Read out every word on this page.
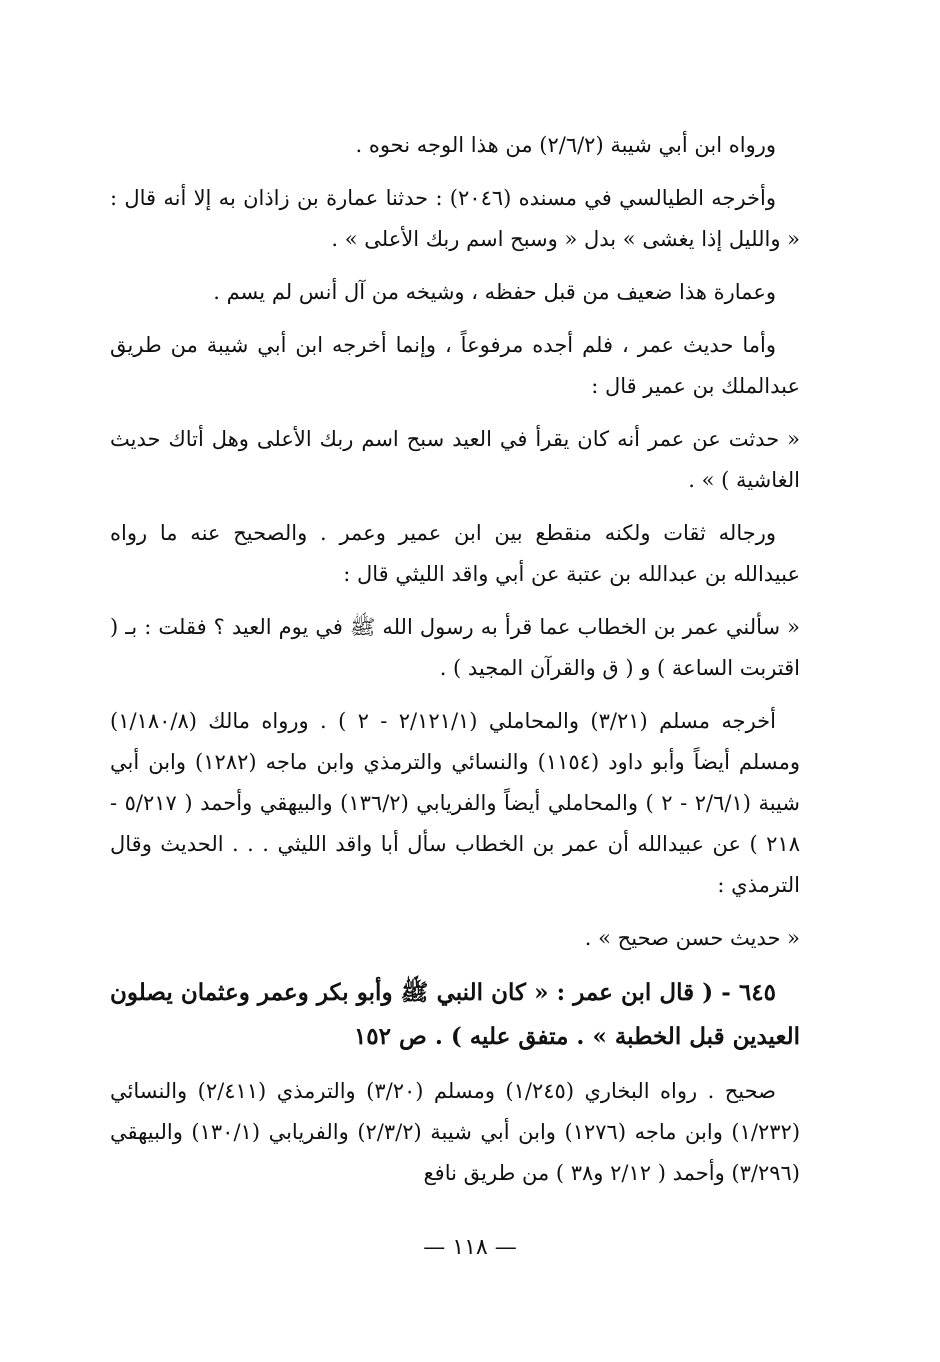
ورواه ابن أبي شيبة (٢/٦/٢) من هذا الوجه نحوه .

وأخرجه الطيالسي في مسنده (٢٠٤٦) : حدثنا عمارة بن زاذان به إلا أنه قال : « والليل إذا يغشى » بدل « وسبح اسم ربك الأعلى » .

وعمارة هذا ضعيف من قبل حفظه ، وشيخه من آل أنس لم يسم .

وأما حديث عمر ، فلم أجده مرفوعاً ، وإنما أخرجه ابن أبي شيبة من طريق عبدالملك بن عمير قال :

« حدثت عن عمر أنه كان يقرأ في العيد سبح اسم ربك الأعلى وهل أتاك حديث الغاشية ) » .

ورجاله ثقات ولكنه منقطع بين ابن عمير وعمر . والصحيح عنه ما رواه عبيدالله بن عبدالله بن عتبة عن أبي واقد الليثي قال :

« سألني عمر بن الخطاب عما قرأ به رسول الله ﷺ في يوم العيد ؟ فقلت : بـ ( اقتربت الساعة ) و ( ق والقرآن المجيد ) .

أخرجه مسلم (٣/٢١) والمحاملي (٢/١٢١/١ - ٢ ) . ورواه مالك (١/١٨٠/٨) ومسلم أيضاً وأبو داود (١١٥٤) والنسائي والترمذي وابن ماجه (١٢٨٢) وابن أبي شيبة (٢/٦/١ - ٢ ) والمحاملي أيضاً والفريابي (١٣٦/٢) والبيهقي وأحمد ( ٥/٢١٧ - ٢١٨ ) عن عبيدالله أن عمر بن الخطاب سأل أبا واقد الليثي . . . الحديث وقال الترمذي :

« حديث حسن صحيح » .

٦٤٥ - ( قال ابن عمر : « كان النبي ﷺ وأبو بكر وعمر وعثمان يصلون العيدين قبل الخطبة » . متفق عليه ) . ص ١٥٢

صحيح . رواه البخاري (١/٢٤٥) ومسلم (٣/٢٠) والترمذي (٢/٤١١) والنسائي (١/٢٣٢) وابن ماجه (١٢٧٦) وابن أبي شيبة (٢/٣/٢) والفريابي (١٣٠/١) والبيهقي (٣/٢٩٦) وأحمد ( ٢/١٢ و٣٨ ) من طريق نافع

— ١١٨ —
